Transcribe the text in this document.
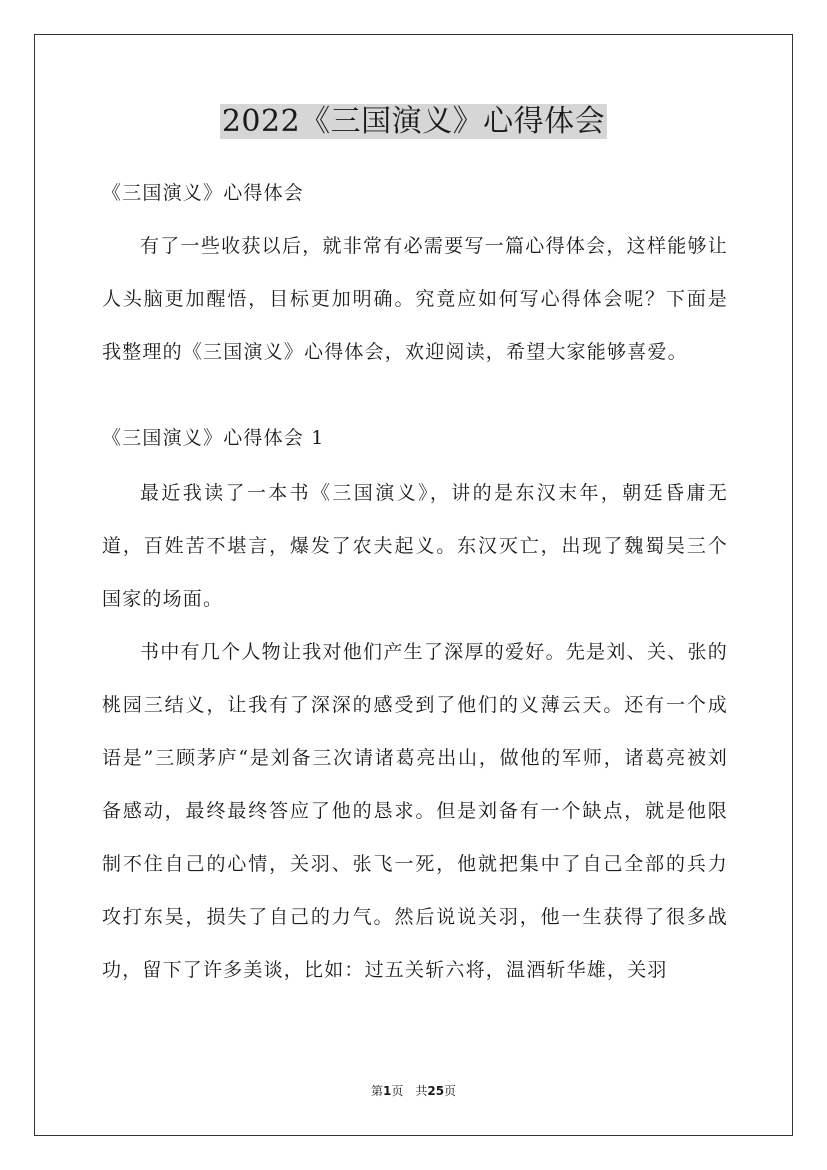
2022《三国演义》心得体会

《三国演义》心得体会

有了一些收获以后，就非常有必需要写一篇心得体会，这样能够让人头脑更加醒悟，目标更加明确。究竟应如何写心得体会呢？下面是我整理的《三国演义》心得体会，欢迎阅读，希望大家能够喜爱。

《三国演义》心得体会 1

最近我读了一本书《三国演义》，讲的是东汉末年，朝廷昏庸无道，百姓苦不堪言，爆发了农夫起义。东汉灭亡，出现了魏蜀吴三个国家的场面。

书中有几个人物让我对他们产生了深厚的爱好。先是刘、关、张的桃园三结义，让我有了深深的感受到了他们的义薄云天。还有一个成语是”三顾茅庐“是刘备三次请诸葛亮出山，做他的军师，诸葛亮被刘备感动，最终最终答应了他的恳求。但是刘备有一个缺点，就是他限制不住自己的心情，关羽、张飞一死，他就把集中了自己全部的兵力攻打东吴，损失了自己的力气。然后说说关羽，他一生获得了很多战功，留下了许多美谈，比如：过五关斩六将，温酒斩华雄，关羽

第1页 共25页
